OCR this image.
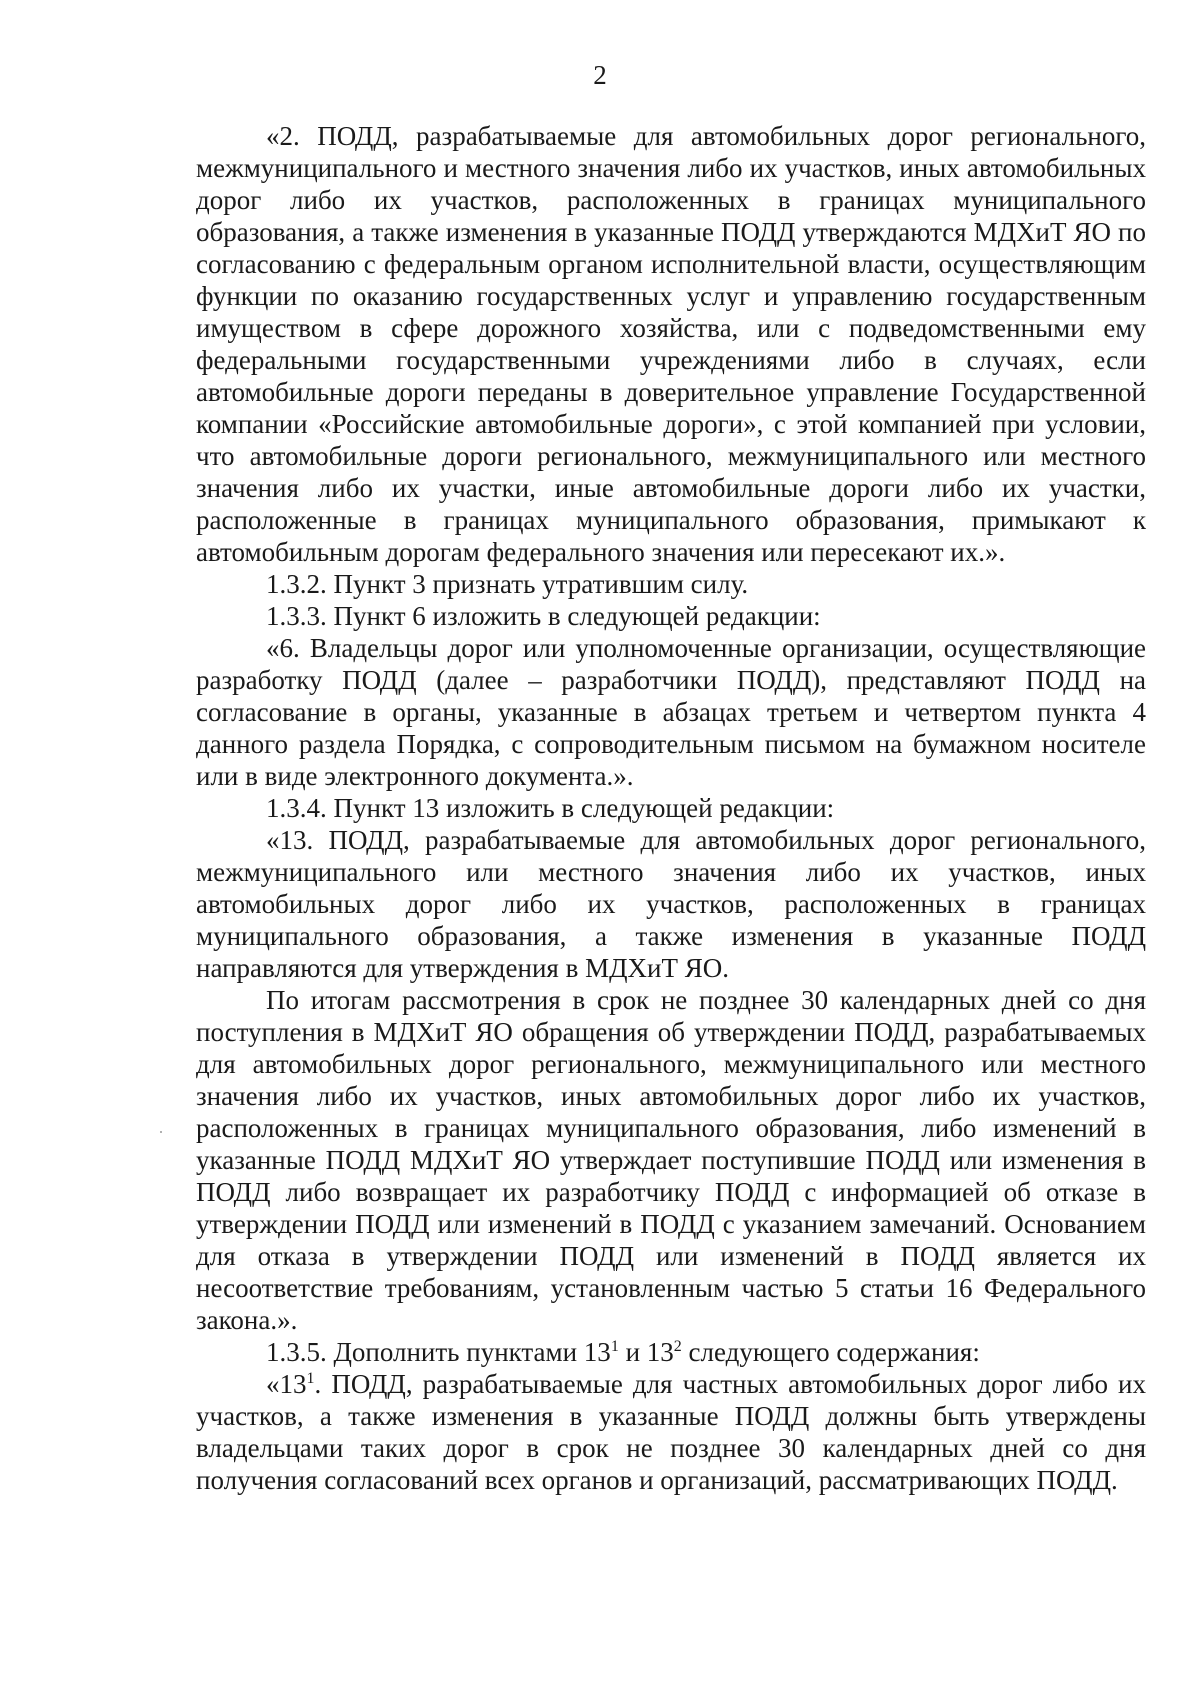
2

«2. ПОДД, разрабатываемые для автомобильных дорог регионального, межмуниципального и местного значения либо их участков, иных автомобильных дорог либо их участков, расположенных в границах муниципального образования, а также изменения в указанные ПОДД утверждаются МДХиТ ЯО по согласованию с федеральным органом исполнительной власти, осуществляющим функции по оказанию государственных услуг и управлению государственным имуществом в сфере дорожного хозяйства, или с подведомственными ему федеральными государственными учреждениями либо в случаях, если автомобильные дороги переданы в доверительное управление Государственной компании «Российские автомобильные дороги», с этой компанией при условии, что автомобильные дороги регионального, межмуниципального или местного значения либо их участки, иные автомобильные дороги либо их участки, расположенные в границах муниципального образования, примыкают к автомобильным дорогам федерального значения или пересекают их.».

1.3.2. Пункт 3 признать утратившим силу.

1.3.3. Пункт 6 изложить в следующей редакции:

«6. Владельцы дорог или уполномоченные организации, осуществляющие разработку ПОДД (далее – разработчики ПОДД), представляют ПОДД на согласование в органы, указанные в абзацах третьем и четвертом пункта 4 данного раздела Порядка, с сопроводительным письмом на бумажном носителе или в виде электронного документа.».

1.3.4. Пункт 13 изложить в следующей редакции:

«13. ПОДД, разрабатываемые для автомобильных дорог регионального, межмуниципального или местного значения либо их участков, иных автомобильных дорог либо их участков, расположенных в границах муниципального образования, а также изменения в указанные ПОДД направляются для утверждения в МДХиТ ЯО.

По итогам рассмотрения в срок не позднее 30 календарных дней со дня поступления в МДХиТ ЯО обращения об утверждении ПОДД, разрабатываемых для автомобильных дорог регионального, межмуниципального или местного значения либо их участков, иных автомобильных дорог либо их участков, расположенных в границах муниципального образования, либо изменений в указанные ПОДД МДХиТ ЯО утверждает поступившие ПОДД или изменения в ПОДД либо возвращает их разработчику ПОДД с информацией об отказе в утверждении ПОДД или изменений в ПОДД с указанием замечаний. Основанием для отказа в утверждении ПОДД или изменений в ПОДД является их несоответствие требованиям, установленным частью 5 статьи 16 Федерального закона.».

1.3.5. Дополнить пунктами $13^1$ и $13^2$ следующего содержания:

«$13^1$. ПОДД, разрабатываемые для частных автомобильных дорог либо их участков, а также изменения в указанные ПОДД должны быть утверждены владельцами таких дорог в срок не позднее 30 календарных дней со дня получения согласований всех органов и организаций, рассматривающих ПОДД.
